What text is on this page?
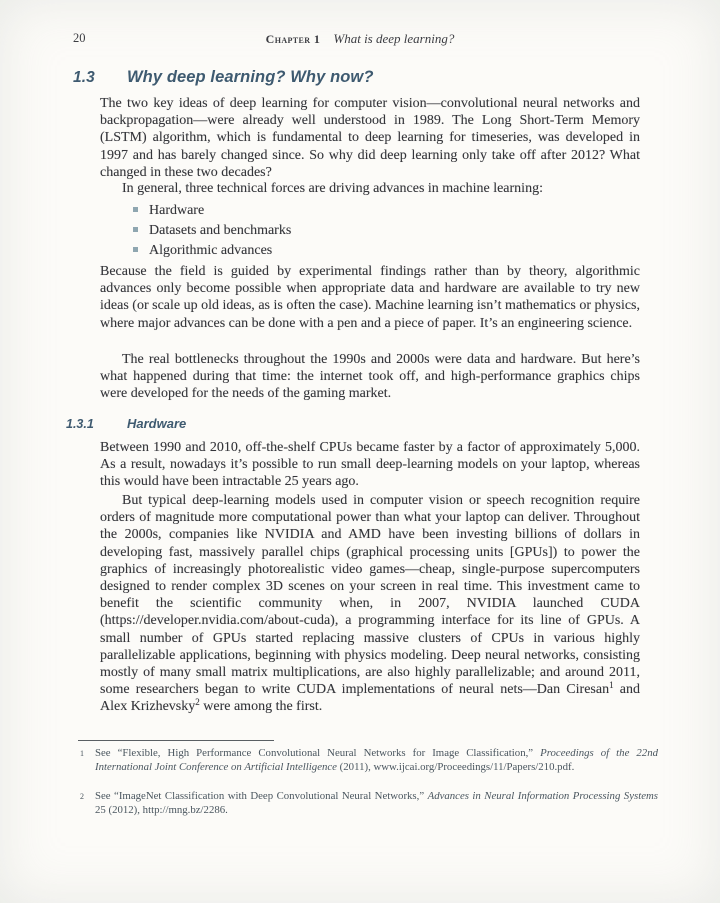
20	Chapter 1 What is deep learning?
1.3 Why deep learning? Why now?

The two key ideas of deep learning for computer vision—convolutional neural networks and backpropagation—were already well understood in 1989. The Long Short-Term Memory (LSTM) algorithm, which is fundamental to deep learning for timeseries, was developed in 1997 and has barely changed since. So why did deep learning only take off after 2012? What changed in these two decades?

In general, three technical forces are driving advances in machine learning:

Hardware
Datasets and benchmarks
Algorithmic advances

Because the field is guided by experimental findings rather than by theory, algorithmic advances only become possible when appropriate data and hardware are available to try new ideas (or scale up old ideas, as is often the case). Machine learning isn’t mathematics or physics, where major advances can be done with a pen and a piece of paper. It’s an engineering science.

The real bottlenecks throughout the 1990s and 2000s were data and hardware. But here’s what happened during that time: the internet took off, and high-performance graphics chips were developed for the needs of the gaming market.

1.3.1	Hardware

Between 1990 and 2010, off-the-shelf CPUs became faster by a factor of approximately 5,000. As a result, nowadays it’s possible to run small deep-learning models on your laptop, whereas this would have been intractable 25 years ago.

But typical deep-learning models used in computer vision or speech recognition require orders of magnitude more computational power than what your laptop can deliver. Throughout the 2000s, companies like NVIDIA and AMD have been investing billions of dollars in developing fast, massively parallel chips (graphical processing units [GPUs]) to power the graphics of increasingly photorealistic video games—cheap, single-purpose supercomputers designed to render complex 3D scenes on your screen in real time. This investment came to benefit the scientific community when, in 2007, NVIDIA launched CUDA (https://developer.nvidia.com/about-cuda), a programming interface for its line of GPUs. A small number of GPUs started replacing massive clusters of CPUs in various highly parallelizable applications, beginning with physics modeling. Deep neural networks, consisting mostly of many small matrix multiplications, are also highly parallelizable; and around 2011, some researchers began to write CUDA implementations of neural nets—Dan Ciresan$^1$ and Alex Krizhevsky$^2$ were among the first.

1	See “Flexible, High Performance Convolutional Neural Networks for Image Classification,” Proceedings of the 22nd International Joint Conference on Artificial Intelligence (2011), www.ijcai.org/Proceedings/11/Papers/210.pdf.
2	See “ImageNet Classification with Deep Convolutional Neural Networks,” Advances in Neural Information Processing Systems 25 (2012), http://mng.bz/2286.
